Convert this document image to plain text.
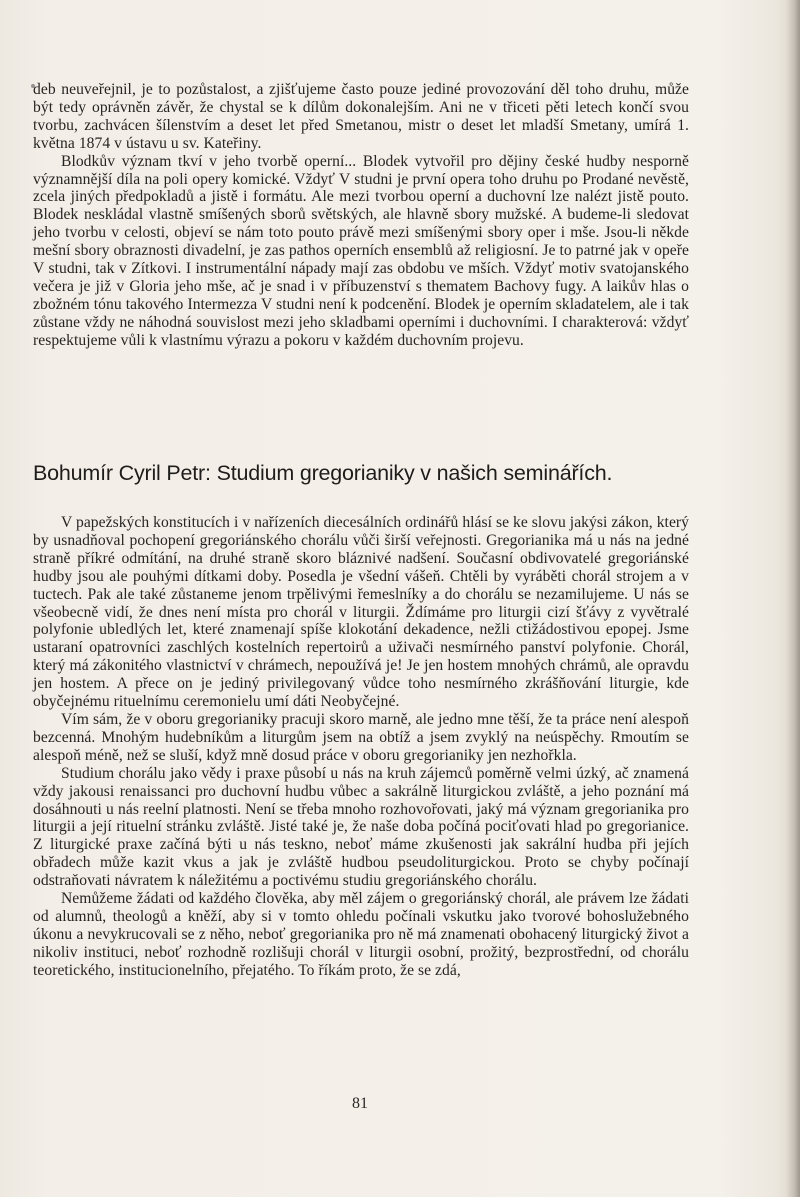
deb neuveřejnil, je to pozůstalost, a zjišťujeme často pouze jediné provozování děl toho druhu, může být tedy oprávněn závěr, že chystal se k dílům dokonalejším. Ani ne v třiceti pěti letech končí svou tvorbu, zachvácen šílenstvím a deset let před Smetanou, mistr o deset let mladší Smetany, umírá 1. května 1874 v ústavu u sv. Kateřiny.

Blodkův význam tkví v jeho tvorbě operní... Blodek vytvořil pro dějiny české hudby nesporně významnější díla na poli opery komické. Vždyť V studni je první opera toho druhu po Prodané nevěstě, zcela jiných předpokladů a jistě i formátu. Ale mezi tvorbou operní a duchovní lze nalézt jistě pouto. Blodek neskládal vlastně smíšených sborů světských, ale hlavně sbory mužské. A budeme-li sledovat jeho tvorbu v celosti, objeví se nám toto pouto právě mezi smíšenými sbory oper i mše. Jsou-li někde mešní sbory obraznosti divadelní, je zas pathos operních ensemblů až religiosní. Je to patrné jak v opeře V studni, tak v Zítkovi. I instrumentální nápady mají zas obdobu ve mších. Vždyť motiv svatojanského večera je již v Gloria jeho mše, ač je snad i v příbuzenství s thematem Bachovy fugy. A laikův hlas o zbožném tónu takového Intermezza V studni není k podcenění. Blodek je operním skladatelem, ale i tak zůstane vždy ne náhodná souvislost mezi jeho skladbami operními i duchovními. I charakterová: vždyť respektujeme vůli k vlastnímu výrazu a pokoru v každém duchovním projevu.

Bohumír Cyril Petr: Studium gregorianiky v našich seminářích.

V papežských konstitucích i v nařízeních diecesálních ordinářů hlásí se ke slovu jakýsi zákon, který by usnadňoval pochopení gregoriánského chorálu vůči širší veřejnosti. Gregorianika má u nás na jedné straně příkré odmítání, na druhé straně skoro bláznivé nadšení. Současní obdivovatelé gregoriánské hudby jsou ale pouhými dítkami doby. Posedla je všední vášeň. Chtěli by vyráběti chorál strojem a v tuctech. Pak ale také zůstaneme jenom trpělivými řemeslníky a do chorálu se nezamilujeme. U nás se všeobecně vidí, že dnes není místa pro chorál v liturgii. Ždímáme pro liturgii cizí šťávy z vyvětralé polyfonie ubledlých let, které znamenají spíše klokotání dekadence, nežli ctižádostivou epopej. Jsme ustaraní opatrovníci zaschlých kostelních repertoirů a uživači nesmírného panství polyfonie. Chorál, který má zákonitého vlastnictví v chrámech, nepoužívá je! Je jen hostem mnohých chrámů, ale opravdu jen hostem. A přece on je jediný privilegovaný vůdce toho nesmírného zkrášňování liturgie, kde obyčejnému rituelnímu ceremonielu umí dáti Neobyčejné.

Vím sám, že v oboru gregorianiky pracuji skoro marně, ale jedno mne těší, že ta práce není alespoň bezcenná. Mnohým hudebníkům a liturgům jsem na obtíž a jsem zvyklý na neúspěchy. Rmoutím se alespoň méně, než se sluší, když mně dosud práce v oboru gregorianiky jen nezhořkla.

Studium chorálu jako vědy i praxe působí u nás na kruh zájemců poměrně velmi úzký, ač znamená vždy jakousi renaissanci pro duchovní hudbu vůbec a sakrálně liturgickou zvláště, a jeho poznání má dosáhnouti u nás reelní platnosti. Není se třeba mnoho rozhovořovati, jaký má význam gregorianika pro liturgii a její rituelní stránku zvláště. Jisté také je, že naše doba počíná pociťovati hlad po gregorianice. Z liturgické praxe začíná býti u nás tesknо, neboť máme zkušenosti jak sakrální hudba při jejích obřadech může kazit vkus a jak je zvláště hudbou pseudoliturgickou. Proto se chyby počínají odstraňovati návratem k náležitému a poctivému studiu gregoriánského chorálu.

Nemůžeme žádati od každého člověka, aby měl zájem o gregoriánský chorál, ale právem lze žádati od alumnů, theologů a kněží, aby si v tomto ohledu počínali vskutku jako tvorové bohoslužebného úkonu a nevykrucovali se z něho, neboť gregorianika pro ně má znamenati obohacený liturgický život a nikoliv instituci, neboť rozhodně rozlišuji chorál v liturgii osobní, prožitý, bezprostřední, od chorálu teoretického, institucionelního, přejatého. To říkám proto, že se zdá,

81
